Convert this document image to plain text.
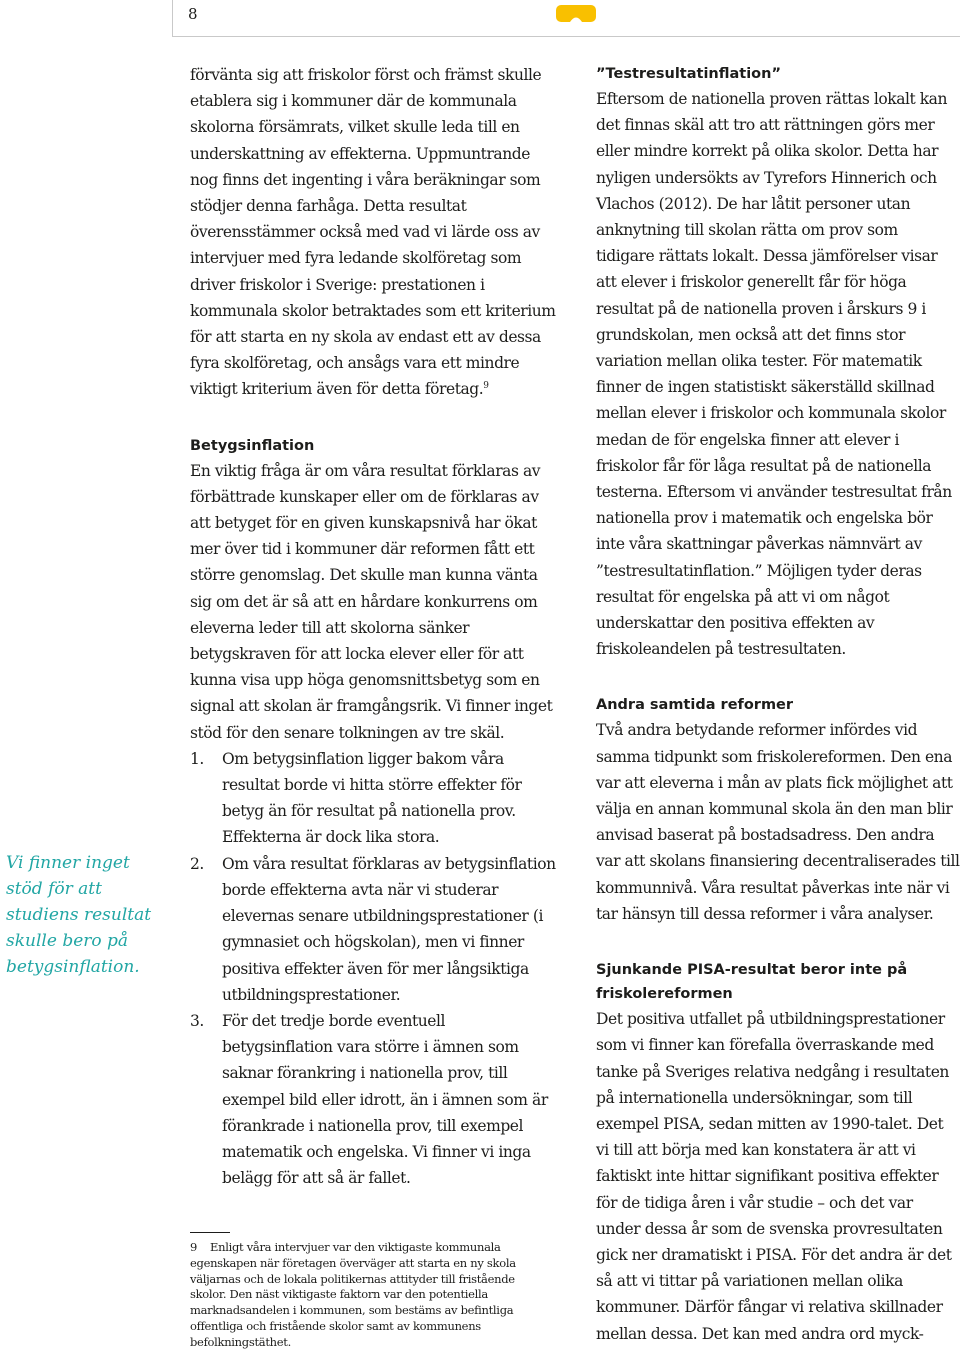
8
Vi finner inget stöd för att studiens resultat skulle bero på betygsinflation.

förvänta sig att friskolor först och främst skulle etablera sig i kommuner där de kommunala skolorna försämrats, vilket skulle leda till en underskattning av effekterna. Uppmuntrande nog finns det ingenting i våra beräkningar som stödjer denna farhåga. Detta resultat överensstämmer också med vad vi lärde oss av intervjuer med fyra ledande skolföretag som driver friskolor i Sverige: prestationen i kommunala skolor betraktades som ett kriterium för att starta en ny skola av endast ett av dessa fyra skolföretag, och ansågs vara ett mindre viktigt kriterium även för detta företag.$^9$

Betygsinflation

En viktig fråga är om våra resultat förklaras av förbättrade kunskaper eller om de förklaras av att betyget för en given kunskapsnivå har ökat mer över tid i kommuner där reformen fått ett större genomslag. Det skulle man kunna vänta sig om det är så att en hårdare konkurrens om eleverna leder till att skolorna sänker betygskraven för att locka elever eller för att kunna visa upp höga genomsnittsbetyg som en signal att skolan är framgångsrik. Vi finner inget stöd för den senare tolkningen av tre skäl.

1. Om betygsinflation ligger bakom våra resultat borde vi hitta större effekter för betyg än för resultat på nationella prov. Effekterna är dock lika stora.
2. Om våra resultat förklaras av betygsinflation borde effekterna avta när vi studerar elevernas senare utbildningsprestationer (i gymnasiet och högskolan), men vi finner positiva effekter även för mer långsiktiga utbildningsprestationer.
3. För det tredje borde eventuell betygsinflation vara större i ämnen som saknar förankring i nationella prov, till exempel bild eller idrott, än i ämnen som är förankrade i nationella prov, till exempel matematik och engelska. Vi finner vi inga belägg för att så är fallet.
9 Enligt våra intervjuer var den viktigaste kommunala egenskapen när företagen överväger att starta en ny skola väljarnas och de lokala politikernas attityder till fristående skolor. Den näst viktigaste faktorn var den potentiella marknadsandelen i kommunen, som bestäms av befintliga offentliga och fristående skolor samt av kommunens befolkningstäthet.
”Testresultatinflation”

Eftersom de nationella proven rättas lokalt kan det finnas skäl att tro att rättningen görs mer eller mindre korrekt på olika skolor. Detta har nyligen undersökts av Tyrefors Hinnerich och Vlachos (2012). De har låtit personer utan anknytning till skolan rätta om prov som tidigare rättats lokalt. Dessa jämförelser visar att elever i friskolor generellt får för höga resultat på de nationella proven i årskurs 9 i grundskolan, men också att det finns stor variation mellan olika tester. För matematik finner de ingen statistiskt säkerställd skillnad mellan elever i friskolor och kommunala skolor medan de för engelska finner att elever i friskolor får för låga resultat på de nationella testerna. Eftersom vi använder testresultat från nationella prov i matematik och engelska bör inte våra skattningar påverkas nämnvärt av ”testresultatinflation.” Möjligen tyder deras resultat för engelska på att vi om något underskattar den positiva effekten av friskoleandelen på testresultaten.

Andra samtida reformer

Två andra betydande reformer infördes vid samma tidpunkt som friskolereformen. Den ena var att eleverna i mån av plats fick möjlighet att välja en annan kommunal skola än den man blir anvisad baserat på bostadsadress. Den andra var att skolans finansiering decentraliserades till kommunnivå. Våra resultat påverkas inte när vi tar hänsyn till dessa reformer i våra analyser.

Sjunkande PISA-resultat beror inte på friskolereformen

Det positiva utfallet på utbildningsprestationer som vi finner kan förefalla överraskande med tanke på Sveriges relativa nedgång i resultaten på internationella undersökningar, som till exempel PISA, sedan mitten av 1990-talet. Det vi till att börja med kan konstatera är att vi faktiskt inte hittar signifikant positiva effekter för de tidiga åren i vår studie – och det var under dessa år som de svenska provresultaten gick ner dramatiskt i PISA. För det andra är det så att vi tittar på variationen mellan olika kommuner. Därför fångar vi relativa skillnader mellan dessa. Det kan med andra ord myck-
